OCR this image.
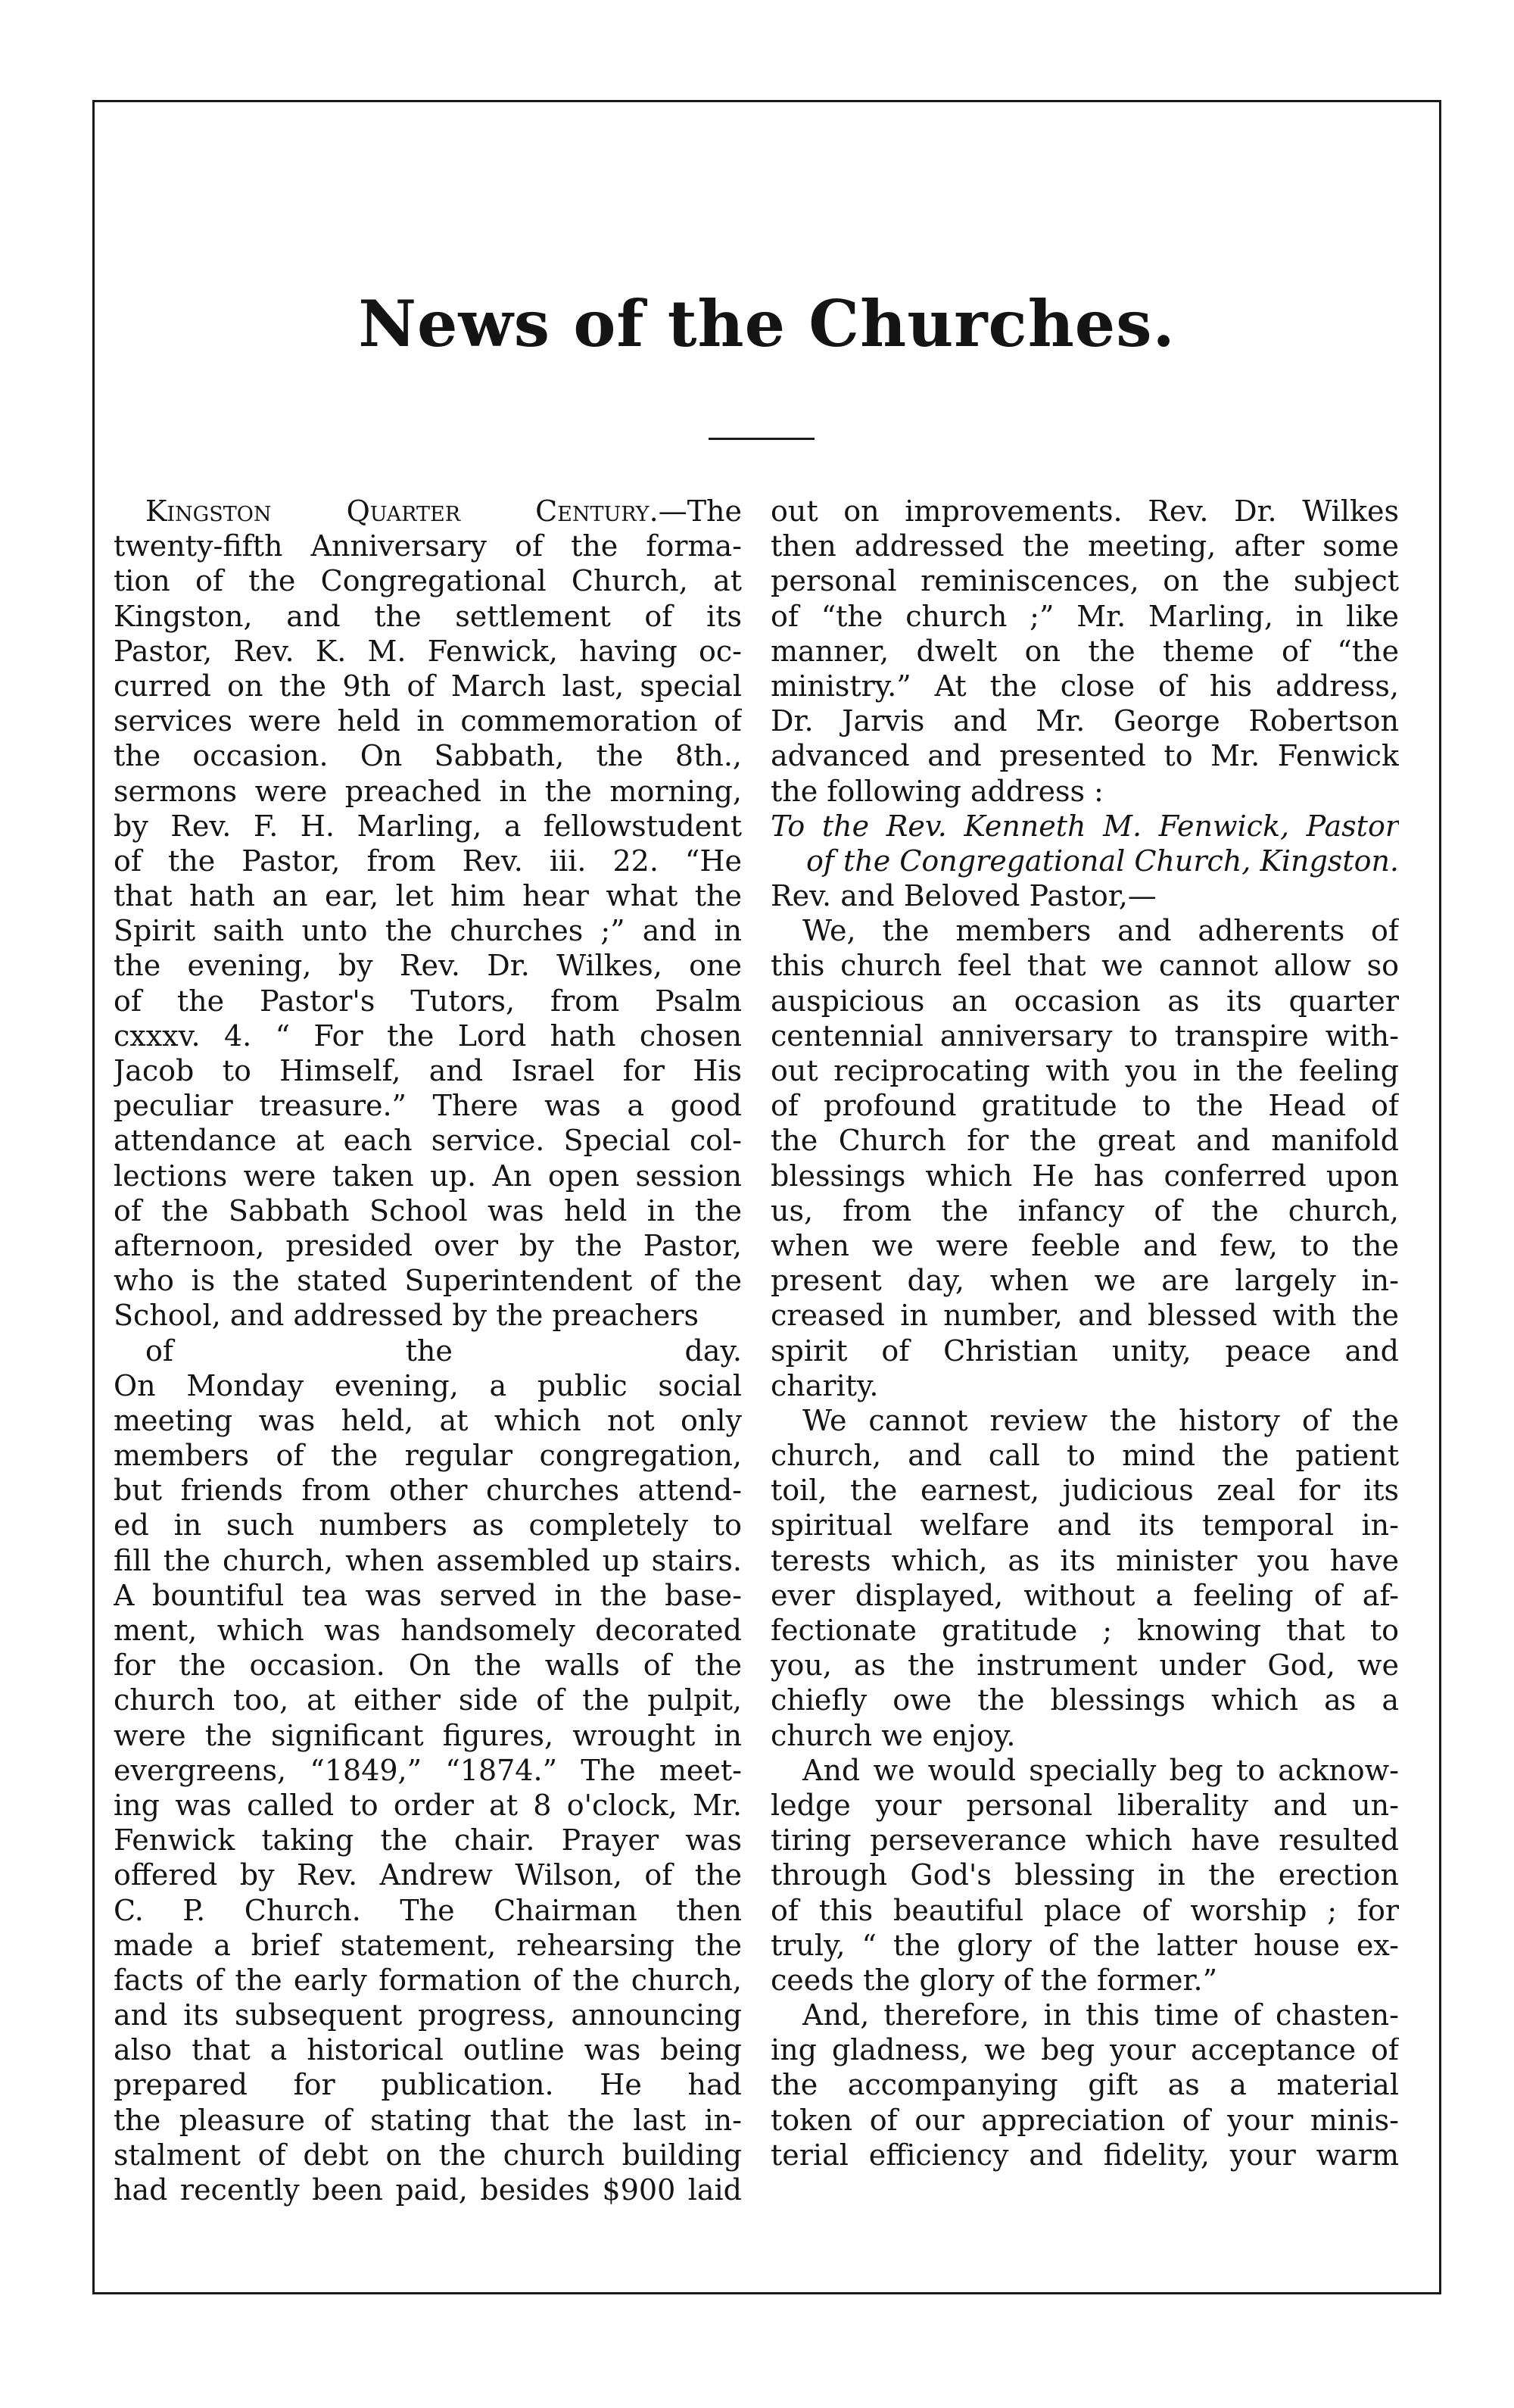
News of the Churches.
Kingston Quarter Century.—The
twenty-fifth Anniversary of the forma-
tion of the Congregational Church, at
Kingston, and the settlement of its
Pastor, Rev. K. M. Fenwick, having oc-
curred on the 9th of March last, special
services were held in commemoration of
the occasion. On Sabbath, the 8th.,
sermons were preached in the morning,
by Rev. F. H. Marling, a fellowstudent
of the Pastor, from Rev. iii. 22. “He
that hath an ear, let him hear what the
Spirit saith unto the churches ;” and in
the evening, by Rev. Dr. Wilkes, one
of the Pastor's Tutors, from Psalm
cxxxv. 4. “ For the Lord hath chosen
Jacob to Himself, and Israel for His
peculiar treasure.” There was a good
attendance at each service. Special col-
lections were taken up. An open session
of the Sabbath School was held in the
afternoon, presided over by the Pastor,
who is the stated Superintendent of the
School, and addressed by the preachers
of the day.
On Monday evening, a public social
meeting was held, at which not only
members of the regular congregation,
but friends from other churches attend-
ed in such numbers as completely to
fill the church, when assembled up stairs.
A bountiful tea was served in the base-
ment, which was handsomely decorated
for the occasion. On the walls of the
church too, at either side of the pulpit,
were the significant figures, wrought in
evergreens, “1849,” “1874.” The meet-
ing was called to order at 8 o'clock, Mr.
Fenwick taking the chair. Prayer was
offered by Rev. Andrew Wilson, of the
C. P. Church. The Chairman then
made a brief statement, rehearsing the
facts of the early formation of the church,
and its subsequent progress, announcing
also that a historical outline was being
prepared for publication. He had
the pleasure of stating that the last in-
stalment of debt on the church building
had recently been paid, besides $900 laid
out on improvements. Rev. Dr. Wilkes
then addressed the meeting, after some
personal reminiscences, on the subject
of “the church ;” Mr. Marling, in like
manner, dwelt on the theme of “the
ministry.” At the close of his address,
Dr. Jarvis and Mr. George Robertson
advanced and presented to Mr. Fenwick
the following address :
To the Rev. Kenneth M. Fenwick, Pastor
of the Congregational Church, Kingston.
Rev. and Beloved Pastor,—
We, the members and adherents of
this church feel that we cannot allow so
auspicious an occasion as its quarter
centennial anniversary to transpire with-
out reciprocating with you in the feeling
of profound gratitude to the Head of
the Church for the great and manifold
blessings which He has conferred upon
us, from the infancy of the church,
when we were feeble and few, to the
present day, when we are largely in-
creased in number, and blessed with the
spirit of Christian unity, peace and
charity.
We cannot review the history of the
church, and call to mind the patient
toil, the earnest, judicious zeal for its
spiritual welfare and its temporal in-
terests which, as its minister you have
ever displayed, without a feeling of af-
fectionate gratitude ; knowing that to
you, as the instrument under God, we
chiefly owe the blessings which as a
church we enjoy.
And we would specially beg to acknow-
ledge your personal liberality and un-
tiring perseverance which have resulted
through God's blessing in the erection
of this beautiful place of worship ; for
truly, “ the glory of the latter house ex-
ceeds the glory of the former.”
And, therefore, in this time of chasten-
ing gladness, we beg your acceptance of
the accompanying gift as a material
token of our appreciation of your minis-
terial efficiency and fidelity, your warm
